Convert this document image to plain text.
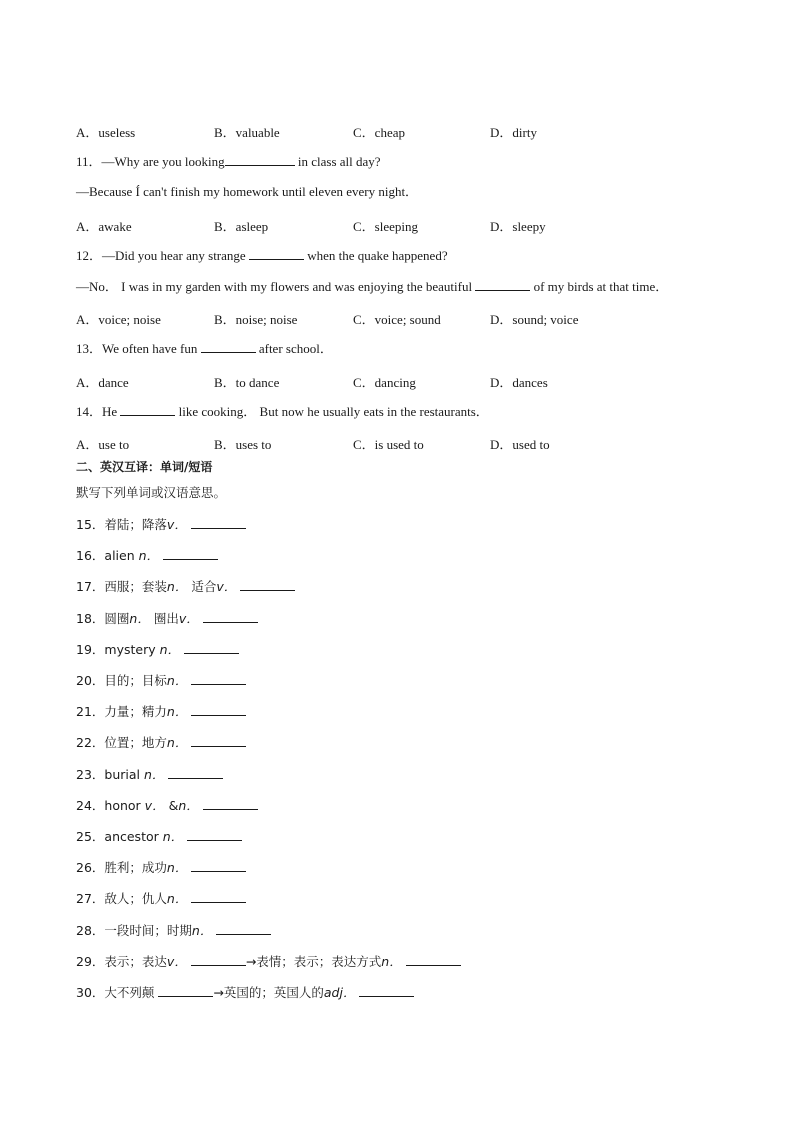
A．useless	B．valuable	C．cheap	D．dirty
11．—Why are you looking	in class all day?
—Because Í can't finish my homework until eleven every night．
A．awake	B．asleep	C．sleeping	D．sleepy
12．—Did you hear any strange	when the quake happened?
—No． I was in my garden with my flowers and was enjoying the beautiful	of my birds at that time．
A．voice; noise	B．noise; noise	C．voice; sound	D．sound; voice
13．We often have fun	after school．
A．dance	B．to dance	C．dancing	D．dances
14．He	like cooking． But now he usually eats in the restaurants．
A．use to	B．uses to	C．is used to	D．used to
二、英汉互译：单词/短语
默写下列单词或汉语意思。
15．着陆；降落v．
16．alien n．
17．西服；套装n． 适合v．
18．圆圈n． 圈出v．
19．mystery n．
20．目的；目标n．
21．力量；精力n．
22．位置；地方n．
23．burial n．
24．honor v． &n．
25．ancestor n．
26．胜利；成功n．
27．敌人；仇人n．
28．一段时间；时期n．
29．表示；表达v．	→表情；表示；表达方式n．
30．大不列颠	→英国的；英国人的adj．
